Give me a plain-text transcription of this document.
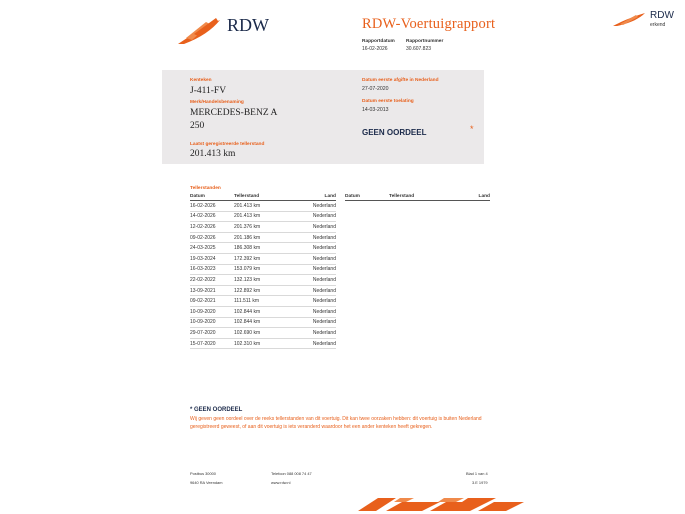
RDW	RDW-Voertuigrapport
Rapportdatum
16-02-2026
Rapportnummer
30.607.823
RDW
erkend
Kenteken
J-411-FV
Merk/Handelsbenaming
MERCEDES-BENZ A
250
Laatst geregistreerde tellerstand
201.413 km
Datum eerste afgifte in Nederland
27-07-2020
Datum eerste toelating
14-03-2013
GEEN OORDEEL	*
Tellerstanden
Datum	Tellerstand	Land
16-02-2026	201.413 km	Nederland
14-02-2026	201.413 km	Nederland
12-02-2026	201.376 km	Nederland
09-02-2026	201.186 km	Nederland
24-03-2025	186.308 km	Nederland
19-03-2024	172.392 km	Nederland
16-03-2023	153.079 km	Nederland
22-02-2022	132.123 km	Nederland
13-09-2021	122.892 km	Nederland
09-02-2021	111.511 km	Nederland
10-09-2020	102.844 km	Nederland
10-09-2020	102.844 km	Nederland
29-07-2020	102.690 km	Nederland
15-07-2020	102.310 km	Nederland
Datum	Tellerstand	Land
* GEEN OORDEEL
Wij geven geen oordeel over de reeks tellerstanden van dit voertuig. Dit kan twee oorzaken hebben: dit voertuig is buiten Nederland geregistreerd geweest, of aan dit voertuig is iets veranderd waardoor het een ander kenteken heeft gekregen.
Postbus 30000
9640 RA Veendam
Telefoon 088 008 74 47
www.rdw.nl
Blad 1 van 4
3.E 1979
